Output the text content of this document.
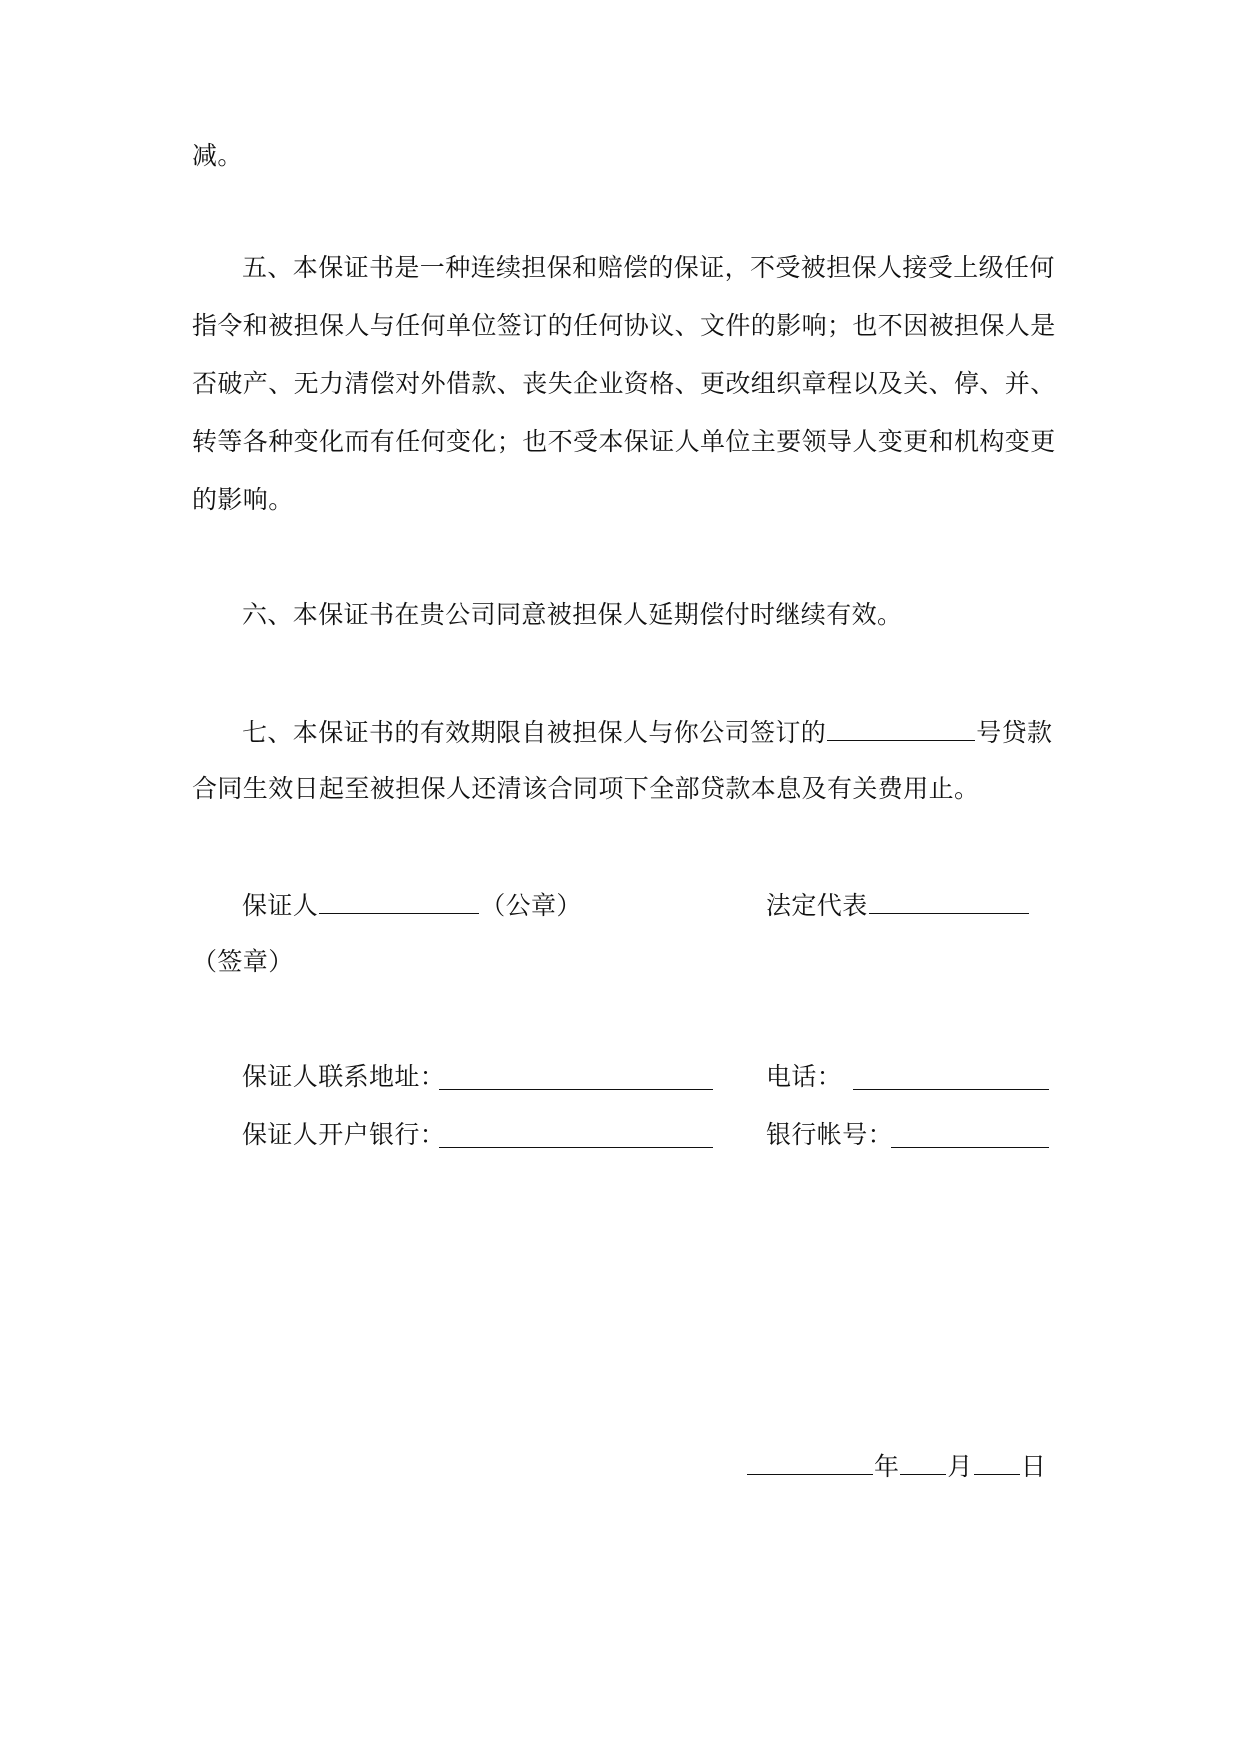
减。
五、本保证书是一种连续担保和赔偿的保证，不受被担保人接受上级任何
指令和被担保人与任何单位签订的任何协议、文件的影响；也不因被担保人是
否破产、无力清偿对外借款、丧失企业资格、更改组织章程以及关、停、并、
转等各种变化而有任何变化；也不受本保证人单位主要领导人变更和机构变更
的影响。
六、本保证书在贵公司同意被担保人延期偿付时继续有效。
七、本保证书的有效期限自被担保人与你公司签订的	号贷款
合同生效日起至被担保人还清该合同项下全部贷款本息及有关费用止。
保证人	（公章）	法定代表
（签章）
保证人联系地址：	电话：
保证人开户银行：	银行帐号：
年 月 日
